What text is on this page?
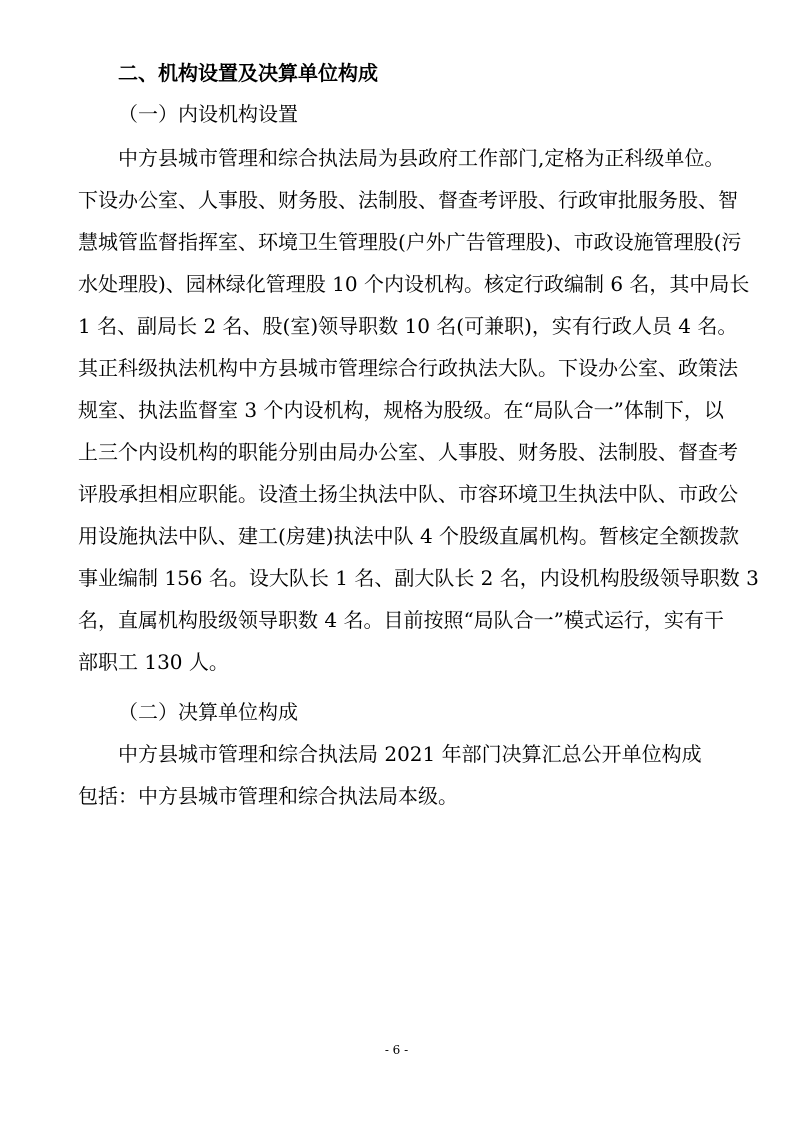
二、机构设置及决算单位构成

（一）内设机构设置

中方县城市管理和综合执法局为县政府工作部门,定格为正科级单位。

下设办公室、人事股、财务股、法制股、督查考评股、行政审批服务股、智

慧城管监督指挥室、环境卫生管理股(户外广告管理股)、市政设施管理股(污

水处理股)、园林绿化管理股 10 个内设机构。核定行政编制 6 名，其中局长

1 名、副局长 2 名、股(室)领导职数 10 名(可兼职)，实有行政人员 4 名。

其正科级执法机构中方县城市管理综合行政执法大队。下设办公室、政策法

规室、执法监督室 3 个内设机构，规格为股级。在“局队合一”体制下，以

上三个内设机构的职能分别由局办公室、人事股、财务股、法制股、督查考

评股承担相应职能。设渣土扬尘执法中队、市容环境卫生执法中队、市政公

用设施执法中队、建工(房建)执法中队 4 个股级直属机构。暂核定全额拨款

事业编制 156 名。设大队长 1 名、副大队长 2 名，内设机构股级领导职数 3

名，直属机构股级领导职数 4 名。目前按照“局队合一”模式运行，实有干

部职工 130 人。

（二）决算单位构成

中方县城市管理和综合执法局 2021 年部门决算汇总公开单位构成

包括：中方县城市管理和综合执法局本级。

- 6 -
